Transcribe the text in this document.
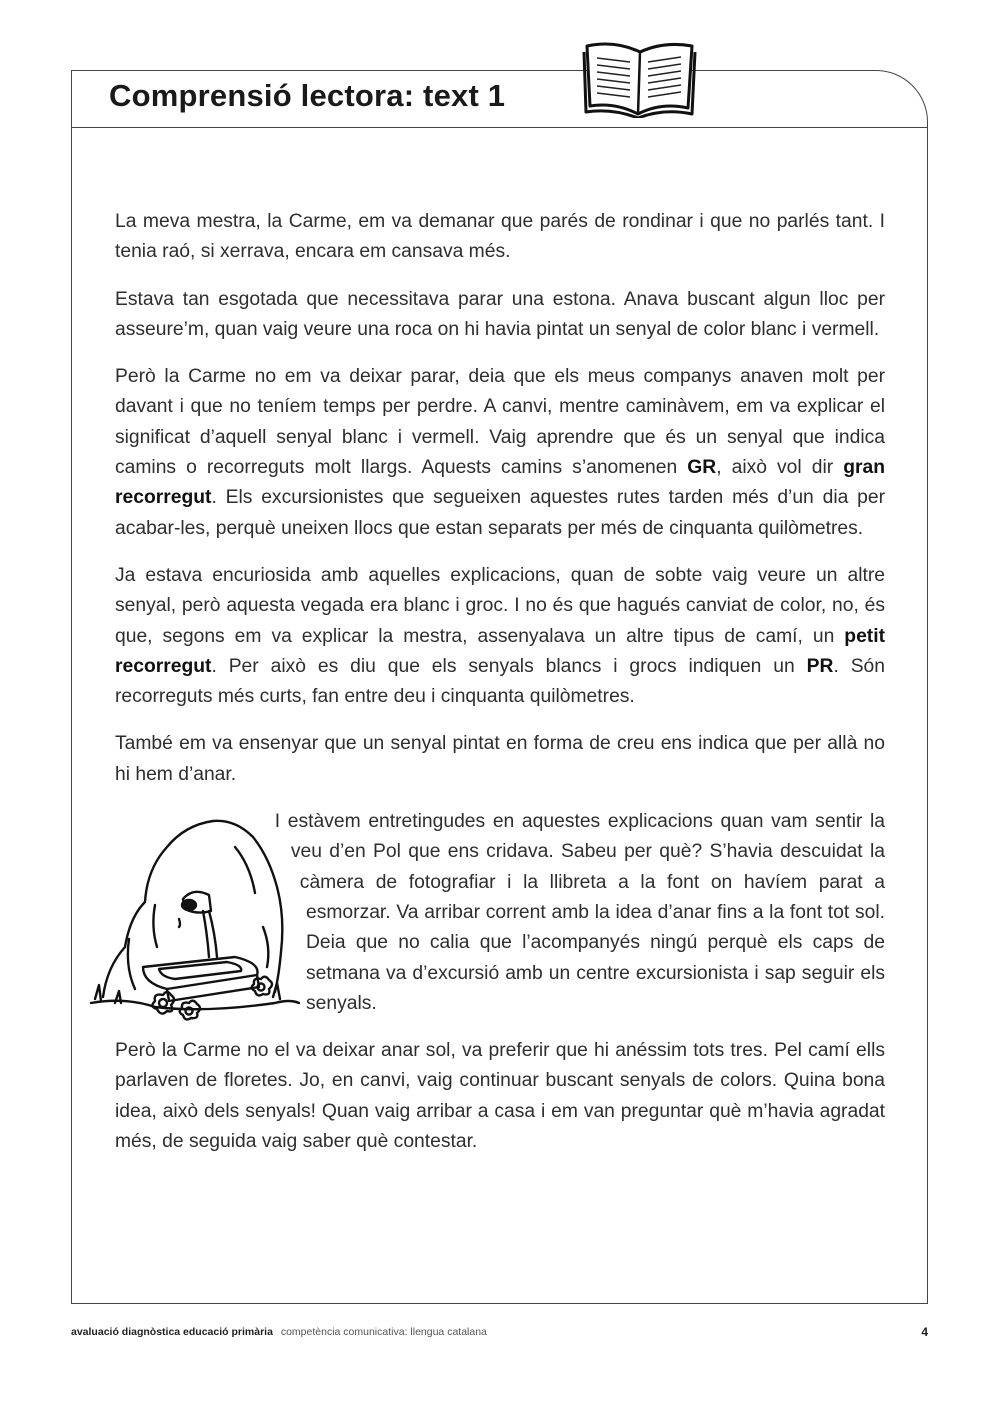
Comprensió lectora: text 1

La meva mestra, la Carme, em va demanar que parés de rondinar i que no parlés tant. I tenia raó, si xerrava, encara em cansava més.

Estava tan esgotada que necessitava parar una estona. Anava buscant algun lloc per asseure’m, quan vaig veure una roca on hi havia pintat un senyal de color blanc i vermell.

Però la Carme no em va deixar parar, deia que els meus companys anaven molt per davant i que no teníem temps per perdre. A canvi, mentre caminàvem, em va explicar el significat d’aquell senyal blanc i vermell. Vaig aprendre que és un senyal que indica camins o recorreguts molt llargs. Aquests camins s’anomenen GR, això vol dir gran recorregut. Els excursionistes que segueixen aquestes rutes tarden més d’un dia per acabar-les, perquè uneixen llocs que estan separats per més de cinquanta quilòmetres.

Ja estava encuriosida amb aquelles explicacions, quan de sobte vaig veure un altre senyal, però aquesta vegada era blanc i groc. I no és que hagués canviat de color, no, és que, segons em va explicar la mestra, assenyalava un altre tipus de camí, un petit recorregut. Per això es diu que els senyals blancs i grocs indiquen un PR. Són recorreguts més curts, fan entre deu i cinquanta quilòmetres.

També em va ensenyar que un senyal pintat en forma de creu ens indica que per allà no hi hem d’anar.

I estàvem entretingudes en aquestes explicacions quan vam sentir la veu d’en Pol que ens cridava. Sabeu per què? S’havia descuidat la càmera de fotografiar i la llibreta a la font on havíem parat a esmorzar. Va arribar corrent amb la idea d’anar fins a la font tot sol. Deia que no calia que l’acompanyés ningú perquè els caps de setmana va d’excursió amb un centre excursionista i sap seguir els senyals.

Però la Carme no el va deixar anar sol, va preferir que hi anéssim tots tres. Pel camí ells parlaven de floretes. Jo, en canvi, vaig continuar buscant senyals de colors. Quina bona idea, això dels senyals! Quan vaig arribar a casa i em van preguntar què m’havia agradat més, de seguida vaig saber què contestar.

avaluació diagnòstica educació primària competència comunicativa: llengua catalana	4
